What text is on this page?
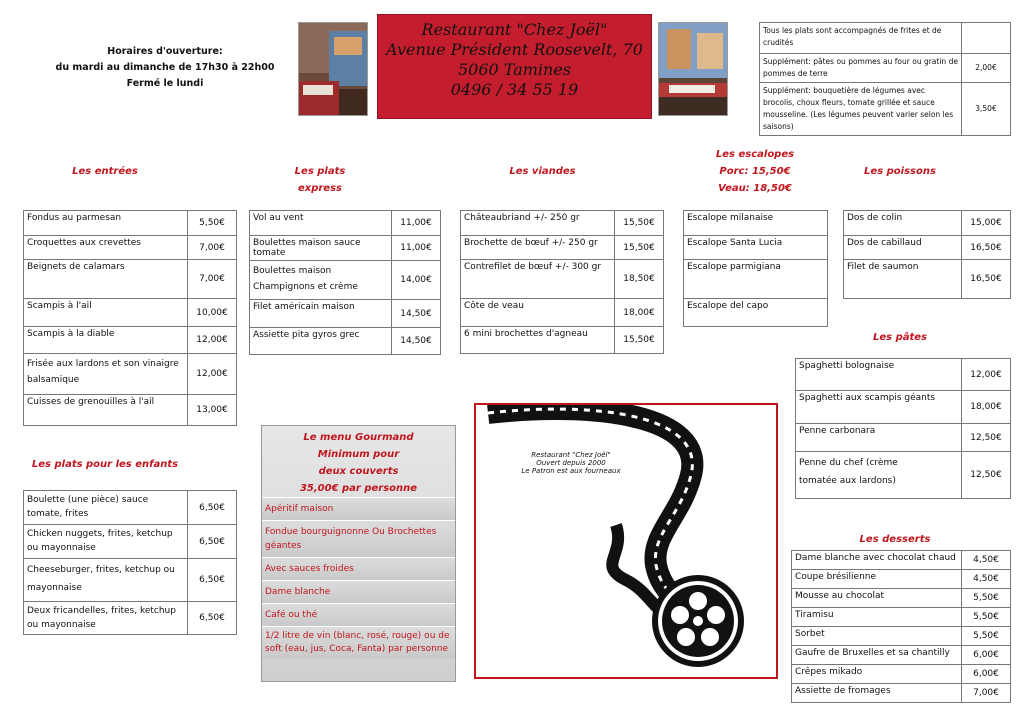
Horaires d'ouverture:
du mardi au dimanche de 17h30 à 22h00
Fermé le lundi
Restaurant "Chez Joël"
Avenue Président Roosevelt, 70
5060 Tamines
0496 / 34 55 19
Tous les plats sont accompagnés de frites et de crudités	
Supplément: pâtes ou pommes au four ou gratin de pommes de terre	2,00€
Supplément: bouquetière de légumes avec brocolis, choux fleurs, tomate grillée et sauce mousseline. (Les légumes peuvent varier selon les saisons)	3,50€
Les entrées	Les plats
express
Les viandes
Les escalopes
Porc: 15,50€
Veau: 18,50€
Les poissons
Les pâtes
Les plats pour les enfants
Les desserts
Fondus au parmesan	5,50€
Croquettes aux crevettes	7,00€
Beignets de calamars	7,00€
Scampis à l'ail	10,00€
Scampis à la diable	12,00€
Frisée aux lardons et son vinaigre balsamique	12,00€
Cuisses de grenouilles à l'ail	13,00€
Vol au vent	11,00€
Boulettes maison sauce tomate	11,00€
Boulettes maison Champignons et crème	14,00€
Filet américain maison	14,50€
Assiette pita gyros grec	14,50€
Châteaubriand +/- 250 gr	15,50€
Brochette de bœuf +/- 250 gr	15,50€
Contrefilet de bœuf +/- 300 gr	18,50€
Côte de veau	18,00€
6 mini brochettes d'agneau	15,50€
Escalope milanaise
Escalope Santa Lucia
Escalope parmigiana
Escalope del capo
Dos de colin	15,00€
Dos de cabillaud	16,50€
Filet de saumon	16,50€
Spaghetti bolognaise	12,00€
Spaghetti aux scampis géants	18,00€
Penne carbonara	12,50€
Penne du chef (crème tomatée aux lardons)	12,50€
Boulette (une pièce) sauce tomate, frites	6,50€
Chicken nuggets, frites, ketchup ou mayonnaise	6,50€
Cheeseburger, frites, ketchup ou mayonnaise	6,50€
Deux fricandelles, frites, ketchup ou mayonnaise	6,50€
Le menu Gourmand
Minimum pour
deux couverts
35,00€ par personne
Apéritif maison
Fondue bourguignonne Ou Brochettes géantes
Avec sauces froides
Dame blanche
Café ou thé
1/2 litre de vin (blanc, rosé, rouge) ou de soft (eau, jus, Coca, Fanta) par personne
Restaurant "Chez Joël"
Ouvert depuis 2000
Le Patron est aux fourneaux
Dame blanche avec chocolat chaud	4,50€
Coupe brésilienne	4,50€
Mousse au chocolat	5,50€
Tiramisu	5,50€
Sorbet	5,50€
Gaufre de Bruxelles et sa chantilly	6,00€
Crêpes mikado	6,00€
Assiette de fromages	7,00€
